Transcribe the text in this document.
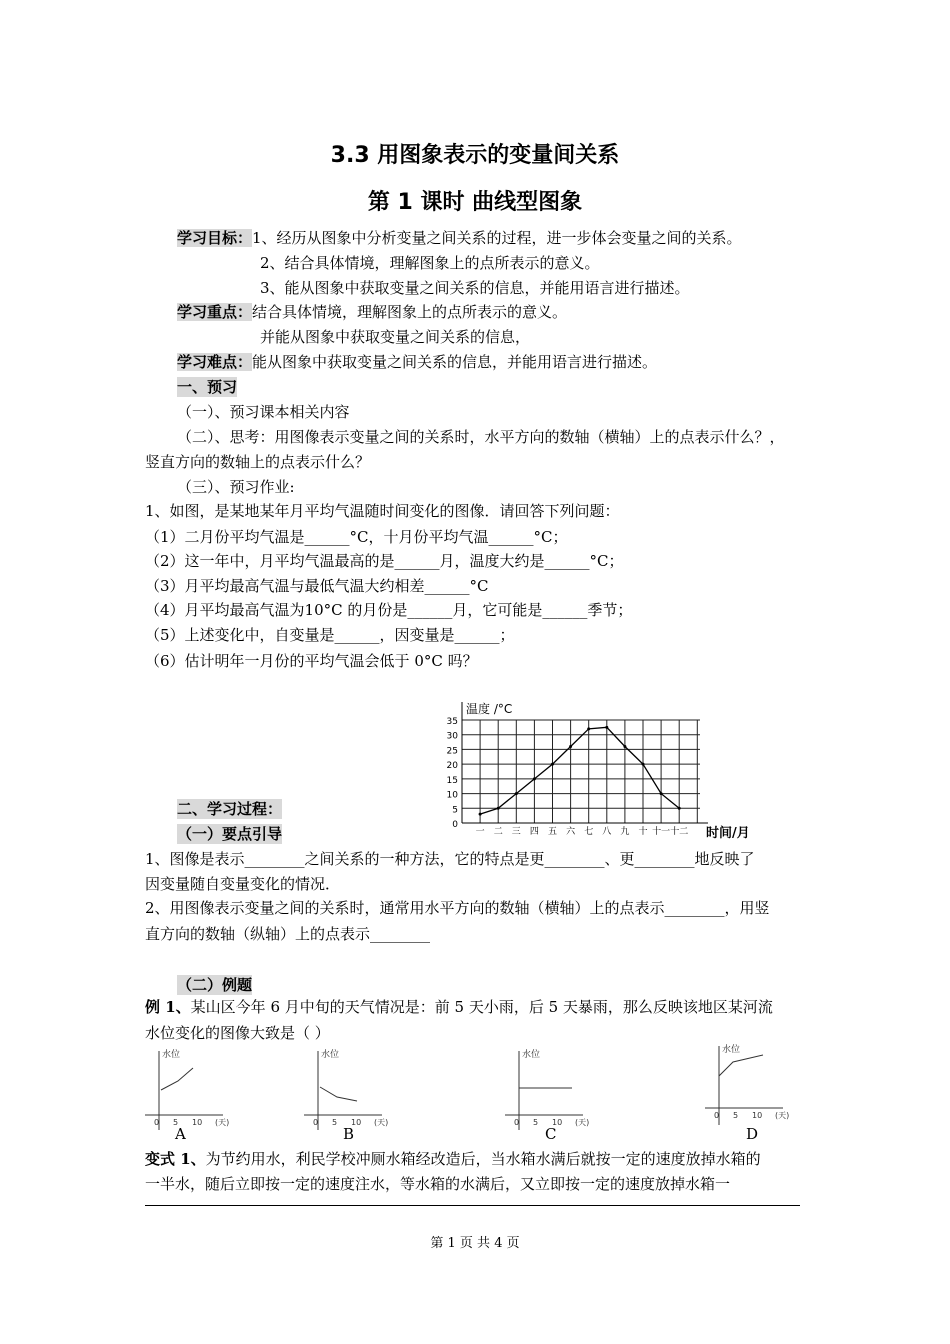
3.3 用图象表示的变量间关系
第 1 课时 曲线型图象
学习目标：1、经历从图象中分析变量之间关系的过程，进一步体会变量之间的关系。
2、结合具体情境，理解图象上的点所表示的意义。
3、能从图象中获取变量之间关系的信息，并能用语言进行描述。
学习重点：结合具体情境，理解图象上的点所表示的意义。
并能从图象中获取变量之间关系的信息，
学习难点：能从图象中获取变量之间关系的信息，并能用语言进行描述。
一、预习
（一）、预习课本相关内容
（二）、思考：用图像表示变量之间的关系时，水平方向的数轴（横轴）上的点表示什么？，
竖直方向的数轴上的点表示什么？
（三）、预习作业:
1、如图，是某地某年月平均气温随时间变化的图像．请回答下列问题：
（1）二月份平均气温是______°C，十月份平均气温______°C；
（2）这一年中，月平均气温最高的是______月，温度大约是______°C；
（3）月平均最高气温与最低气温大约相差______°C
（4）月平均最高气温为10°C 的月份是______月，它可能是______季节；
（5）上述变化中，自变量是______，因变量是______；
（6）估计明年一月份的平均气温会低于 0°C 吗？
0
5
10
15
20
25
30
35
温度 /°C
一 二 三 四 五 六 七 八 九 十 十一 十二 时间/月
二、学习过程：
（一）要点引导
1、图像是表示________之间关系的一种方法，它的特点是更________、更________地反映了
因变量随自变量变化的情况．
2、用图像表示变量之间的关系时，通常用水平方向的数轴（横轴）上的点表示________，用竖
直方向的数轴（纵轴）上的点表示________
（二）例题
例 1、某山区今年 6 月中旬的天气情况是：前 5 天小雨，后 5 天暴雨，那么反映该地区某河流
水位变化的图像大致是（ ）
水位
0 5 10 (天)
A
水位
0 5 10 (天)
B
水位
0 5 10 (天)
C
水位
0 5 10 (天)
D
变式 1、为节约用水，利民学校冲厕水箱经改造后，当水箱水满后就按一定的速度放掉水箱的
一半水，随后立即按一定的速度注水，等水箱的水满后，又立即按一定的速度放掉水箱一
第 1 页 共 4 页
